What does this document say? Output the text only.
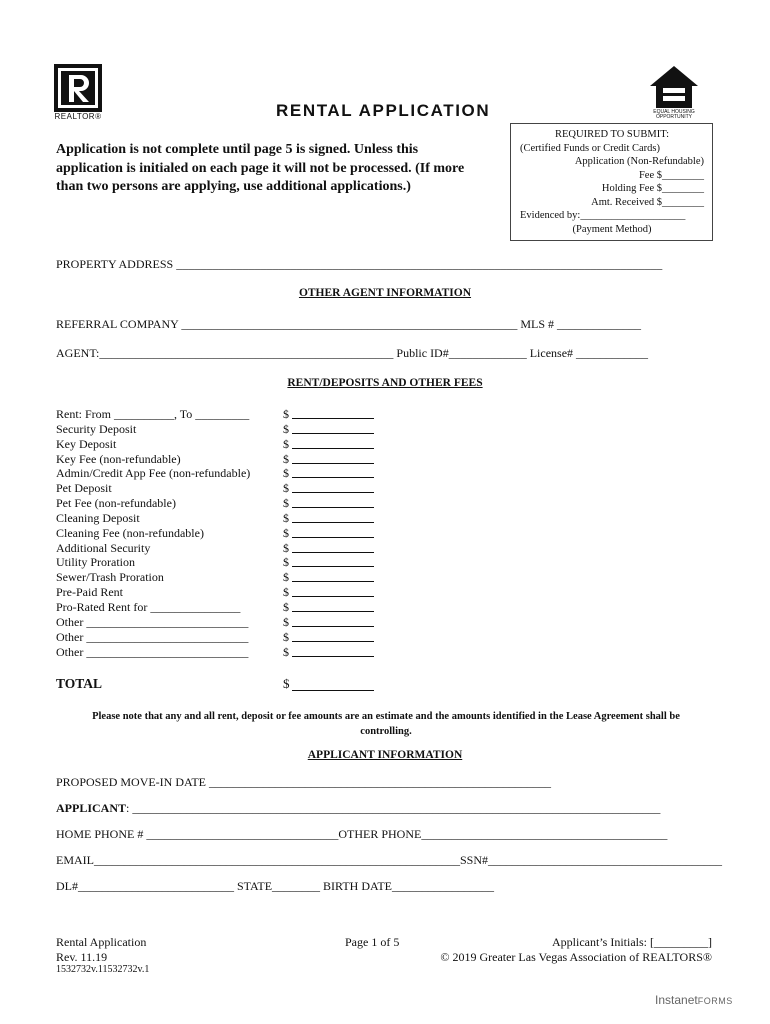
REALTOR®	EQUAL HOUSING OPPORTUNITY
RENTAL APPLICATION
Application is not complete until page 5 is signed. Unless this
application is initialed on each page it will not be processed. (If more
than two persons are applying, use additional applications.)
REQUIRED TO SUBMIT:
(Certified Funds or Credit Cards)
Application (Non-Refundable)
Fee $________
Holding Fee $________
Amt. Received $________
Evidenced by:____________________
(Payment Method)
PROPERTY ADDRESS _________________________________________________________________________________
OTHER AGENT INFORMATION
REFERRAL COMPANY ________________________________________________________ MLS # ______________
AGENT:_________________________________________________ Public ID#_____________ License# ____________
RENT/DEPOSITS AND OTHER FEES
Rent: From __________, To _________	$
Security Deposit	$
Key Deposit	$
Key Fee (non-refundable)	$
Admin/Credit App Fee (non-refundable)	$
Pet Deposit	$
Pet Fee (non-refundable)	$
Cleaning Deposit	$
Cleaning Fee (non-refundable)	$
Additional Security	$
Utility Proration	$
Sewer/Trash Proration	$
Pre-Paid Rent	$
Pro-Rated Rent for _______________	$
Other ___________________________	$
Other ___________________________	$
Other ___________________________	$
TOTAL	$
Please note that any and all rent, deposit or fee amounts are an estimate and the amounts identified in the Lease Agreement shall be controlling.
APPLICANT INFORMATION
PROPOSED MOVE-IN DATE _________________________________________________________
APPLICANT: ________________________________________________________________________________________
HOME PHONE # ________________________________OTHER PHONE_________________________________________
EMAIL_____________________________________________________________SSN#_______________________________________
DL#__________________________ STATE________ BIRTH DATE_________________
Rental Application
Rev. 11.19
1532732v.11532732v.1
Page 1 of 5	Applicant’s Initials: [_________]
© 2019 Greater Las Vegas Association of REALTORS®
InstanetFORMS
